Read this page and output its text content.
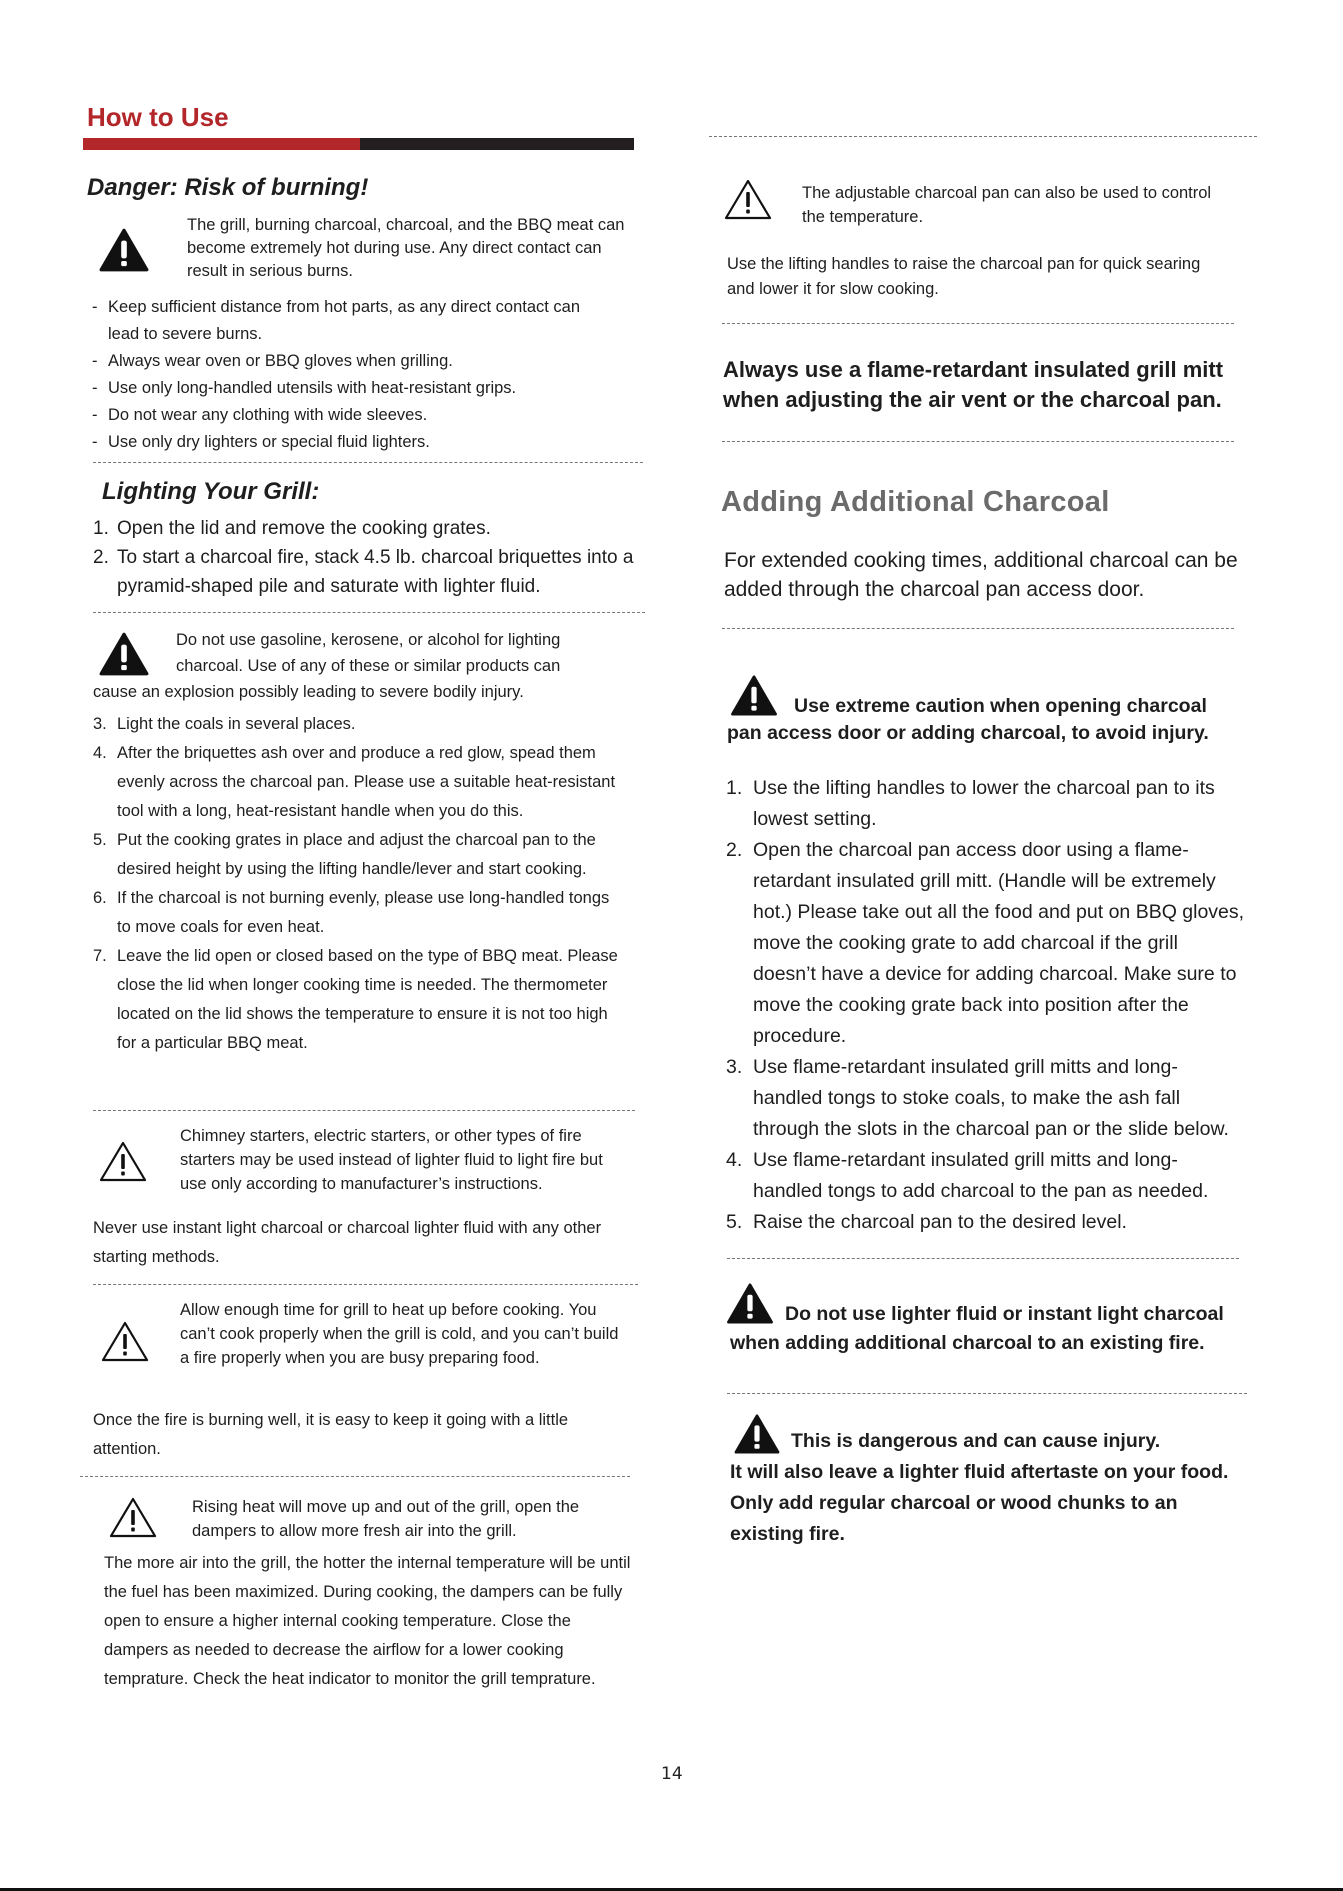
How to Use
Danger: Risk of burning!
The grill, burning charcoal, charcoal, and the BBQ meat can become extremely hot during use. Any direct contact can result in serious burns.
- Keep sufficient distance from hot parts, as any direct contact can lead to severe burns.
- Always wear oven or BBQ gloves when grilling.
- Use only long-handled utensils with heat-resistant grips.
- Do not wear any clothing with wide sleeves.
- Use only dry lighters or special fluid lighters.
Lighting Your Grill:
1. Open the lid and remove the cooking grates.
2. To start a charcoal fire, stack 4.5 lb. charcoal briquettes into a pyramid-shaped pile and saturate with lighter fluid.
Do not use gasoline, kerosene, or alcohol for lighting charcoal. Use of any of these or similar products can
cause an explosion possibly leading to severe bodily injury.
3. Light the coals in several places.
4. After the briquettes ash over and produce a red glow, spead them evenly across the charcoal pan. Please use a suitable heat-resistant tool with a long, heat-resistant handle when you do this.
5. Put the cooking grates in place and adjust the charcoal pan to the desired height by using the lifting handle/lever and start cooking.
6. If the charcoal is not burning evenly, please use long-handled tongs to move coals for even heat.
7. Leave the lid open or closed based on the type of BBQ meat. Please close the lid when longer cooking time is needed. The thermometer located on the lid shows the temperature to ensure it is not too high for a particular BBQ meat.
Chimney starters, electric starters, or other types of fire starters may be used instead of lighter fluid to light fire but use only according to manufacturer’s instructions.
Never use instant light charcoal or charcoal lighter fluid with any other starting methods.
Allow enough time for grill to heat up before cooking. You can’t cook properly when the grill is cold, and you can’t build a fire properly when you are busy preparing food.
Once the fire is burning well, it is easy to keep it going with a little attention.
Rising heat will move up and out of the grill, open the dampers to allow more fresh air into the grill.
The more air into the grill, the hotter the internal temperature will be until the fuel has been maximized. During cooking, the dampers can be fully open to ensure a higher internal cooking temperature. Close the dampers as needed to decrease the airflow for a lower cooking temprature. Check the heat indicator to monitor the grill temprature.
The adjustable charcoal pan can also be used to control the temperature.
Use the lifting handles to raise the charcoal pan for quick searing and lower it for slow cooking.
Always use a flame-retardant insulated grill mitt when adjusting the air vent or the charcoal pan.
Adding Additional Charcoal
For extended cooking times, additional charcoal can be added through the charcoal pan access door.
Use extreme caution when opening charcoal
pan access door or adding charcoal, to avoid injury.
1. Use the lifting handles to lower the charcoal pan to its lowest setting.
2. Open the charcoal pan access door using a flame-retardant insulated grill mitt. (Handle will be extremely hot.) Please take out all the food and put on BBQ gloves, move the cooking grate to add charcoal if the grill doesn’t have a device for adding charcoal. Make sure to move the cooking grate back into position after the procedure.
3. Use flame-retardant insulated grill mitts and long-handled tongs to stoke coals, to make the ash fall through the slots in the charcoal pan or the slide below.
4. Use flame-retardant insulated grill mitts and long-handled tongs to add charcoal to the pan as needed.
5. Raise the charcoal pan to the desired level.
Do not use lighter fluid or instant light charcoal
when adding additional charcoal to an existing fire.
This is dangerous and can cause injury.
It will also leave a lighter fluid aftertaste on your food.
Only add regular charcoal or wood chunks to an
existing fire.
14
